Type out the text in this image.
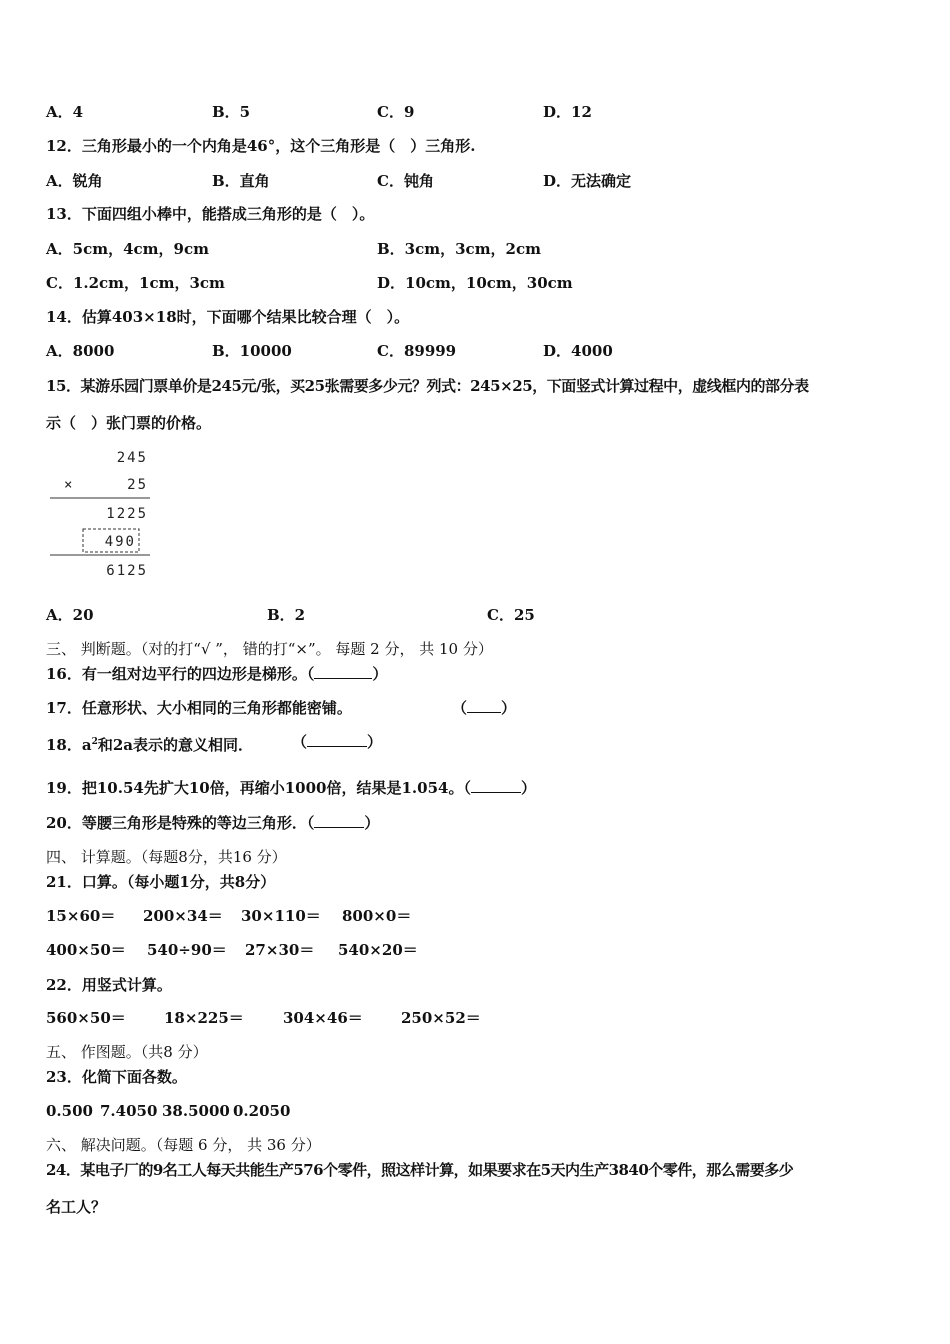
A．4	B．5	C．9	D．12
12．三角形最小的一个内角是46°，这个三角形是（　）三角形.
A．锐角	B．直角	C．钝角	D．无法确定
13．下面四组小棒中，能搭成三角形的是（　）。
A．5cm，4cm，9cm	B．3cm，3cm，2cm
C．1.2cm，1cm，3cm	D．10cm，10cm，30cm
14．估算403×18时，下面哪个结果比较合理（　）。
A．8000	B．10000	C．89999	D．4000
15．某游乐园门票单价是245元/张，买25张需要多少元？列式：245×25，下面竖式计算过程中，虚线框内的部分表
示（　）张门票的价格。
245
×	25
1225
490
6125
A．20	B．2	C．25
三、 判断题。（对的打“√ ”， 错的打“×”。 每题 2 分， 共 10 分）
16．有一组对边平行的四边形是梯形。（	）
17．任意形状、大小相同的三角形都能密铺。	（ ）
18．$a^2$和2a表示的意义相同．	（	）
19．把10.54先扩大10倍，再缩小1000倍，结果是1.054。（	）
20．等腰三角形是特殊的等边三角形．（	）
四、 计算题。（每题8分，共16 分）
21．口算。（每小题1分，共8分）
15×60＝ 200×34＝ 30×110＝ 800×0＝
400×50＝ 540÷90＝ 27×30＝ 540×20＝
22．用竖式计算。
560×50＝	18×225＝	304×46＝	250×52＝
五、 作图题。（共8 分）
23．化简下面各数。
0.500 7.4050 38.5000 0.2050
六、 解决问题。（每题 6 分， 共 36 分）
24．某电子厂的9名工人每天共能生产576个零件，照这样计算，如果要求在5天内生产3840个零件，那么需要多少
名工人？
